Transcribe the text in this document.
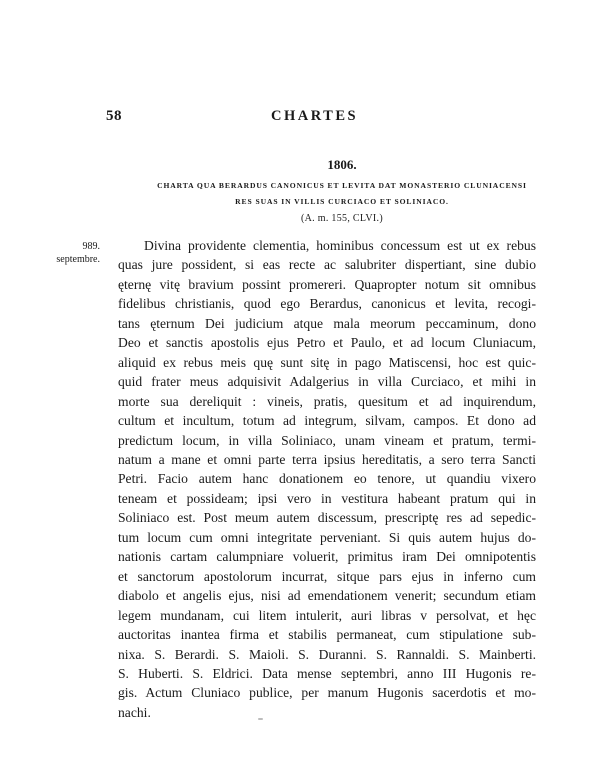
58	CHARTES
1806.
CHARTA QUA BERARDUS CANONICUS ET LEVITA DAT MONASTERIO CLUNIACENSI
RES SUAS IN VILLIS CURCIACO ET SOLINIACO.
(A. m. 155, CLVI.)
989.
septembre.
Divina providente clementia, hominibus concessum est ut ex rebus
quas jure possident, si eas recte ac salubriter dispertiant, sine dubio
ęternę vitę bravium possint promereri. Quapropter notum sit omnibus
fidelibus christianis, quod ego Berardus, canonicus et levita, recogi-
tans ęternum Dei judicium atque mala meorum peccaminum, dono
Deo et sanctis apostolis ejus Petro et Paulo, et ad locum Cluniacum,
aliquid ex rebus meis quę sunt sitę in pago Matiscensi, hoc est quic-
quid frater meus adquisivit Adalgerius in villa Curciaco, et mihi in
morte sua dereliquit : vineis, pratis, quesitum et ad inquirendum,
cultum et incultum, totum ad integrum, silvam, campos. Et dono ad
predictum locum, in villa Soliniaco, unam vineam et pratum, termi-
natum a mane et omni parte terra ipsius hereditatis, a sero terra Sancti
Petri. Facio autem hanc donationem eo tenore, ut quandiu vixero
teneam et possideam; ipsi vero in vestitura habeant pratum qui in
Soliniaco est. Post meum autem discessum, prescriptę res ad sepedic-
tum locum cum omni integritate perveniant. Si quis autem hujus do-
nationis cartam calumpniare voluerit, primitus iram Dei omnipotentis
et sanctorum apostolorum incurrat, sitque pars ejus in inferno cum
diabolo et angelis ejus, nisi ad emendationem venerit; secundum etiam
legem mundanam, cui litem intulerit, auri libras v persolvat, et hęc
auctoritas inantea firma et stabilis permaneat, cum stipulatione sub-
nixa. S. Berardi. S. Maioli. S. Duranni. S. Rannaldi. S. Mainberti.
S. Huberti. S. Eldrici. Data mense septembri, anno III Hugonis re-
gis. Actum Cluniaco publice, per manum Hugonis sacerdotis et mo-
nachi.
